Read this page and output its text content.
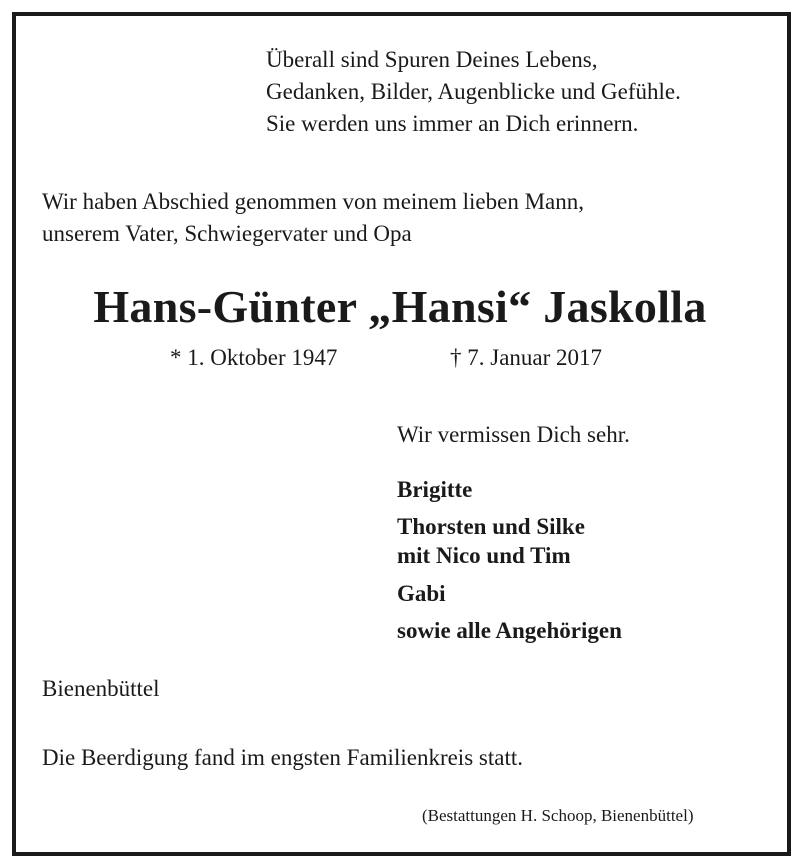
Überall sind Spuren Deines Lebens,

Gedanken, Bilder, Augenblicke und Gefühle.

Sie werden uns immer an Dich erinnern.

Wir haben Abschied genommen von meinem lieben Mann,

unserem Vater, Schwiegervater und Opa

Hans-Günter „Hansi“ Jaskolla

* 1. Oktober 1947	† 7. Januar 2017

Wir vermissen Dich sehr.

Brigitte

Thorsten und Silke

mit Nico und Tim

Gabi

sowie alle Angehörigen

Bienenbüttel

Die Beerdigung fand im engsten Familienkreis statt.

(Bestattungen H. Schoop, Bienenbüttel)
